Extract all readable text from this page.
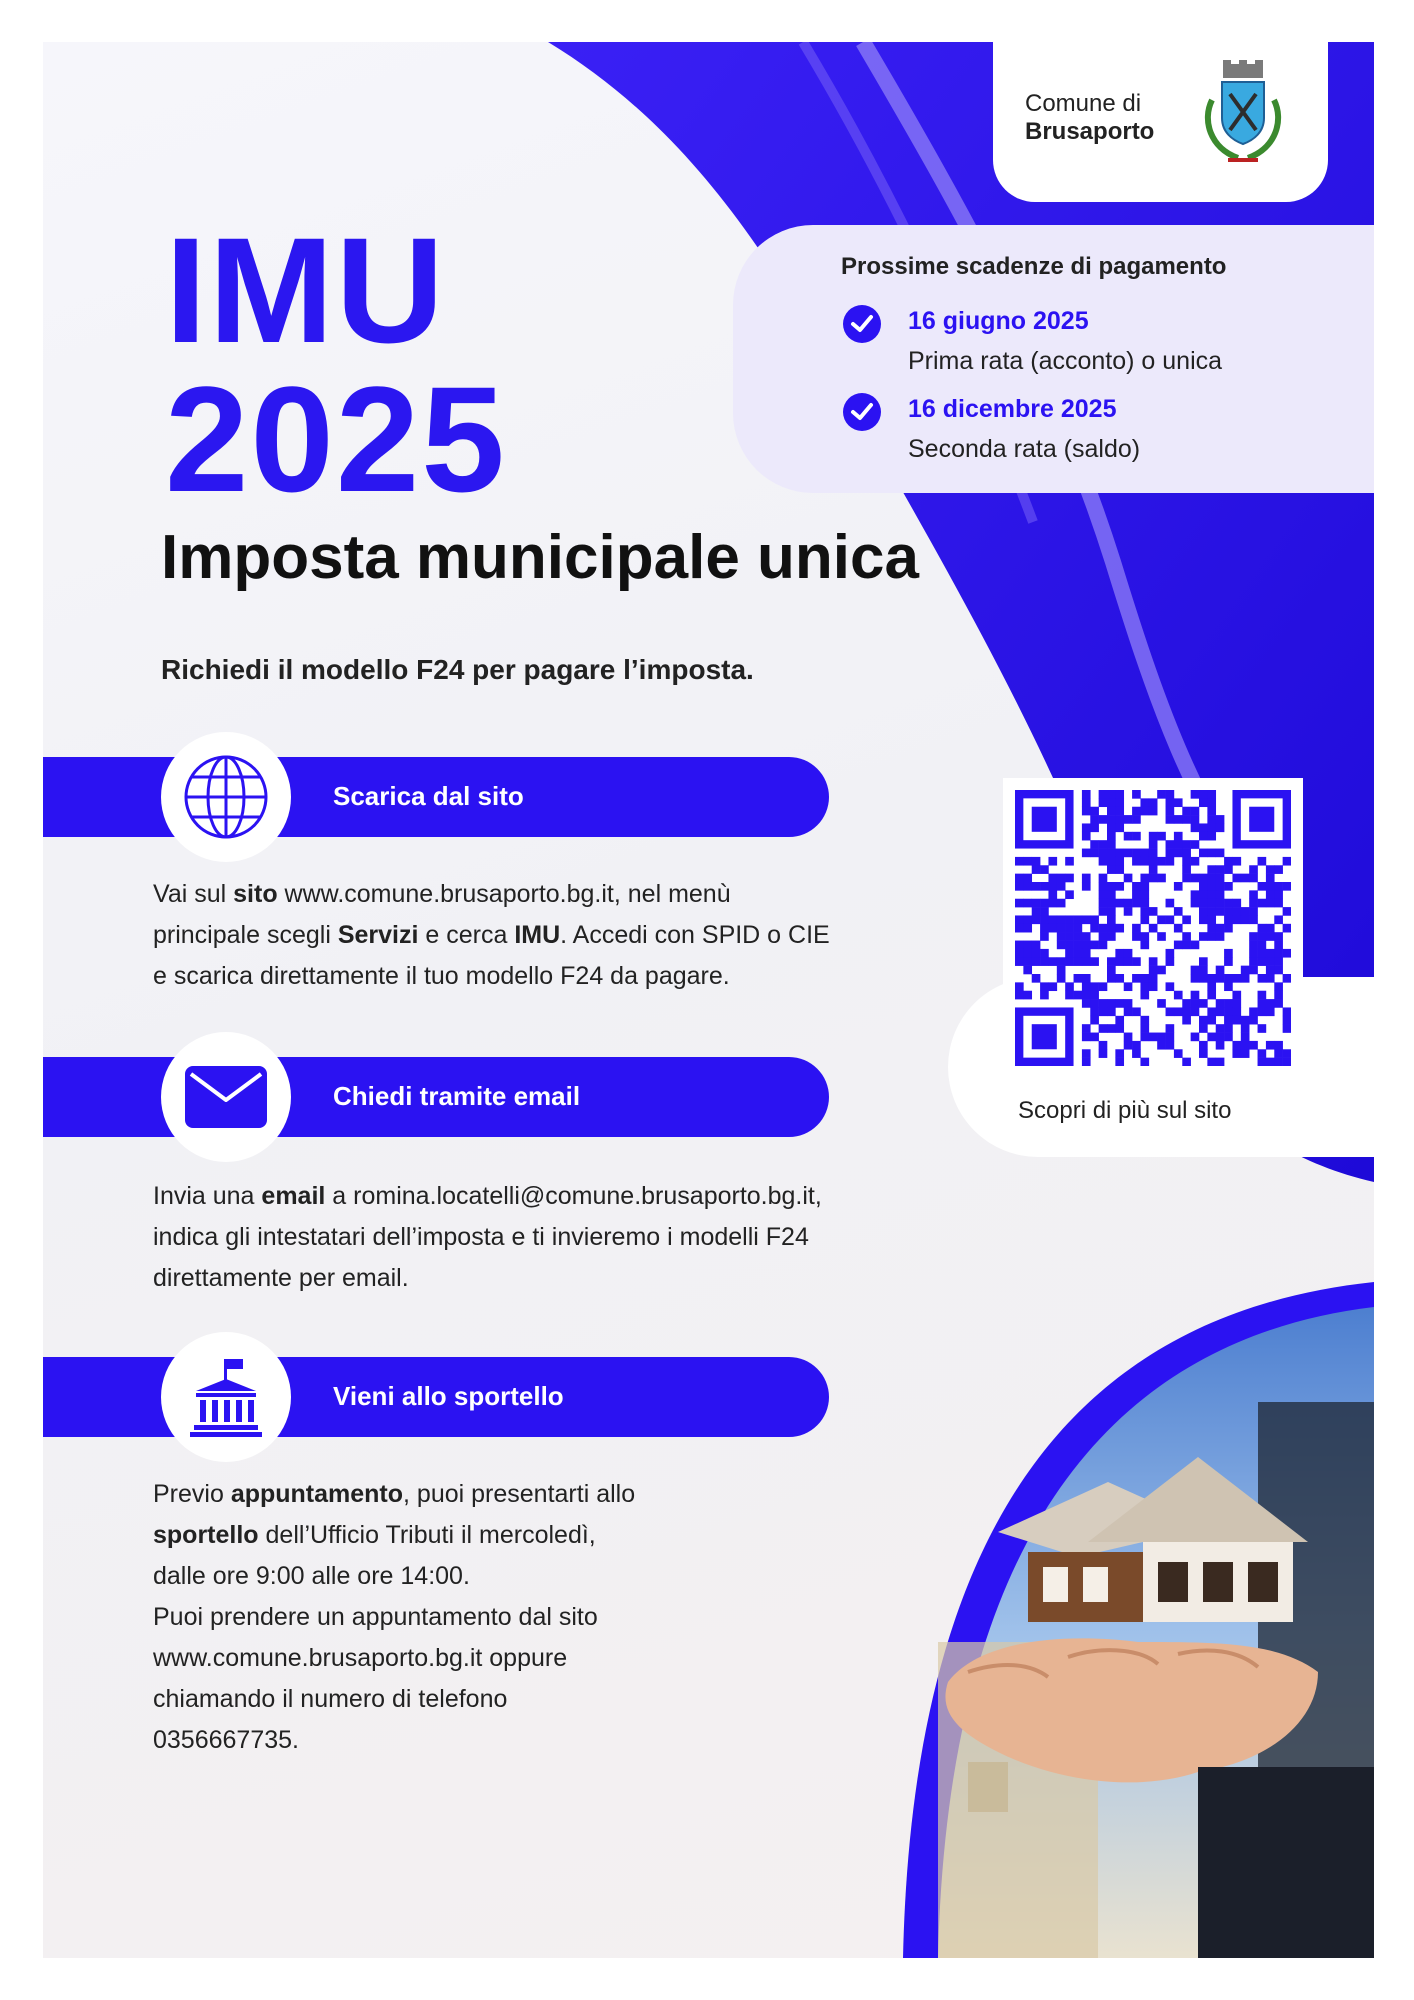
Comune di
Brusaporto
Prossime scadenze di pagamento
16 giugno 2025
Prima rata (acconto) o unica
16 dicembre 2025
Seconda rata (saldo)
IMU
2025
Imposta municipale unica
Richiedi il modello F24 per pagare l’imposta.
Scarica dal sito
Vai sul sito www.comune.brusaporto.bg.it, nel menù
principale scegli Servizi e cerca IMU. Accedi con SPID o CIE
e scarica direttamente il tuo modello F24 da pagare.
Chiedi tramite email
Invia una email a romina.locatelli@comune.brusaporto.bg.it,
indica gli intestatari dell’imposta e ti invieremo i modelli F24
direttamente per email.
Vieni allo sportello
Previo appuntamento, puoi presentarti allo
sportello dell’Ufficio Tributi il mercoledì,
dalle ore 9:00 alle ore 14:00.
Puoi prendere un appuntamento dal sito
www.comune.brusaporto.bg.it oppure
chiamando il numero di telefono
0356667735.
Scopri di più sul sito
